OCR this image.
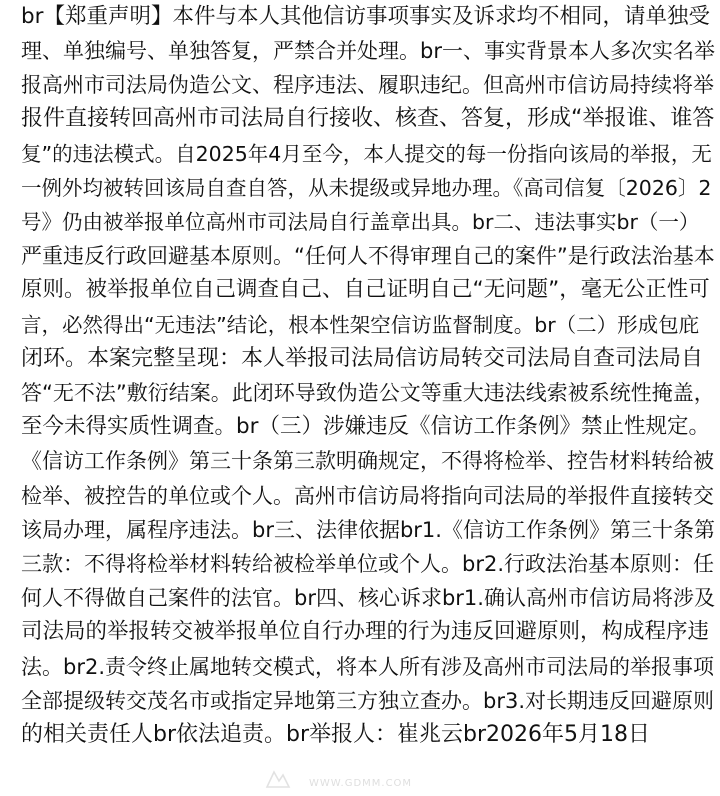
br【郑重声明】本件与本人其他信访事项事实及诉求均不相同，请单独受
理、单独编号、单独答复，严禁合并处理。br一、事实背景本人多次实名举
报高州市司法局伪造公文、程序违法、履职违纪。但高州市信访局持续将举
报件直接转回高州市司法局自行接收、核查、答复，形成“举报谁、谁答
复”的违法模式。自2025年4月至今，本人提交的每一份指向该局的举报，无
一例外均被转回该局自查自答，从未提级或异地办理。《高司信复〔2026〕2
号》仍由被举报单位高州市司法局自行盖章出具。br二、违法事实br（一）
严重违反行政回避基本原则。“任何人不得审理自己的案件”是行政法治基本
原则。被举报单位自己调查自己、自己证明自己“无问题”，毫无公正性可
言，必然得出“无违法”结论，根本性架空信访监督制度。br（二）形成包庇
闭环。本案完整呈现：本人举报司法局信访局转交司法局自查司法局自
答“无不法”敷衍结案。此闭环导致伪造公文等重大违法线索被系统性掩盖，
至今未得实质性调查。br（三）涉嫌违反《信访工作条例》禁止性规定。
《信访工作条例》第三十条第三款明确规定，不得将检举、控告材料转给被
检举、被控告的单位或个人。高州市信访局将指向司法局的举报件直接转交
该局办理，属程序违法。br三、法律依据br1.《信访工作条例》第三十条第
三款：不得将检举材料转给被检举单位或个人。br2.行政法治基本原则：任
何人不得做自己案件的法官。br四、核心诉求br1.确认高州市信访局将涉及
司法局的举报转交被举报单位自行办理的行为违反回避原则，构成程序违
法。br2.责令终止属地转交模式，将本人所有涉及高州市司法局的举报事项
全部提级转交茂名市或指定异地第三方独立查办。br3.对长期违反回避原则
的相关责任人br依法追责。br举报人：崔兆云br2026年5月18日
WWW.GDMM.COM
